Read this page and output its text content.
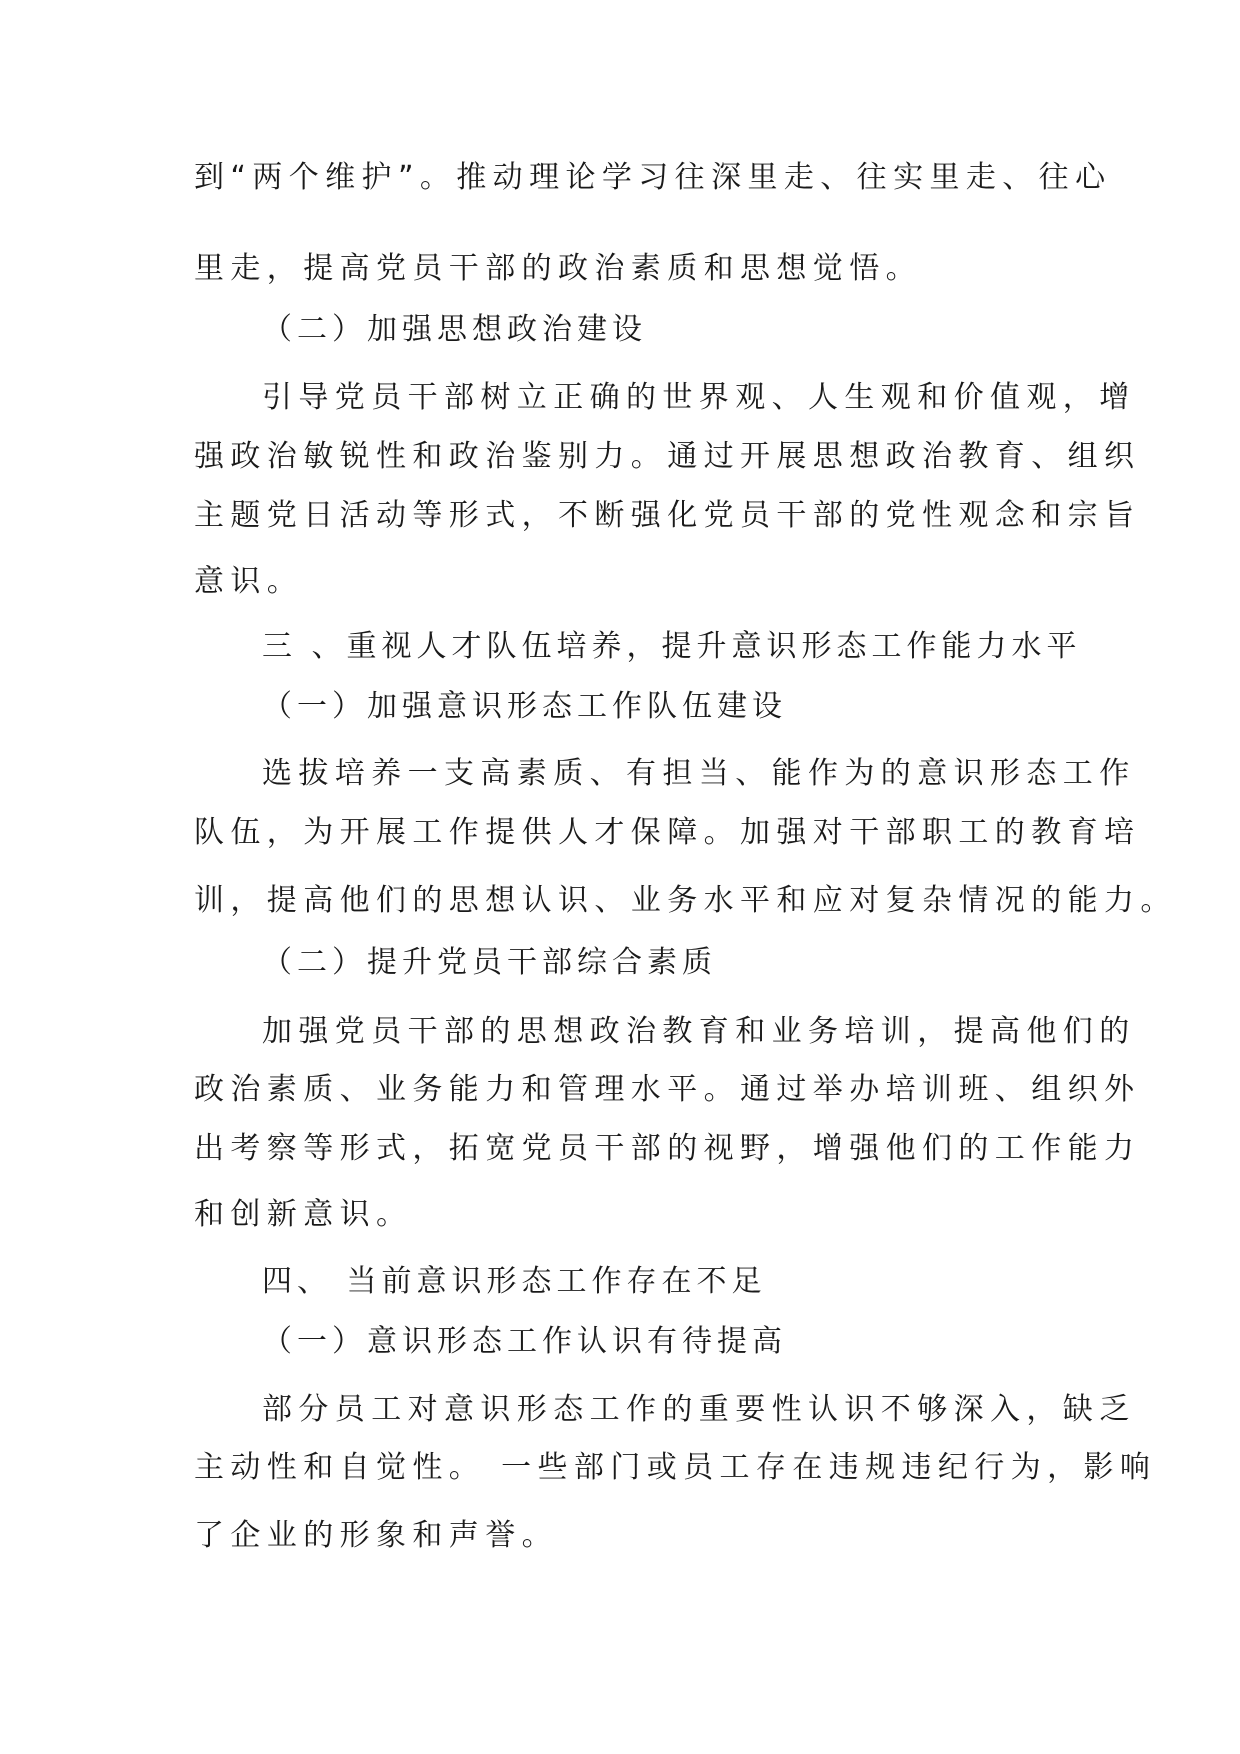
到“两个维护”。推动理论学习往深里走、往实里走、往心

里走，提高党员干部的政治素质和思想觉悟。

（二）加强思想政治建设

引导党员干部树立正确的世界观、人生观和价值观，增

强政治敏锐性和政治鉴别力。通过开展思想政治教育、组织

主题党日活动等形式，不断强化党员干部的党性观念和宗旨

意识。

三 、重视人才队伍培养，提升意识形态工作能力水平

（一）加强意识形态工作队伍建设

选拔培养一支高素质、有担当、能作为的意识形态工作

队伍，为开展工作提供人才保障。加强对干部职工的教育培

训，提高他们的思想认识、业务水平和应对复杂情况的能力。

（二）提升党员干部综合素质

加强党员干部的思想政治教育和业务培训，提高他们的

政治素质、业务能力和管理水平。通过举办培训班、组织外

出考察等形式，拓宽党员干部的视野，增强他们的工作能力

和创新意识。

四、 当前意识形态工作存在不足

（一）意识形态工作认识有待提高

部分员工对意识形态工作的重要性认识不够深入，缺乏

主动性和自觉性。 一些部门或员工存在违规违纪行为，影响

了企业的形象和声誉。
